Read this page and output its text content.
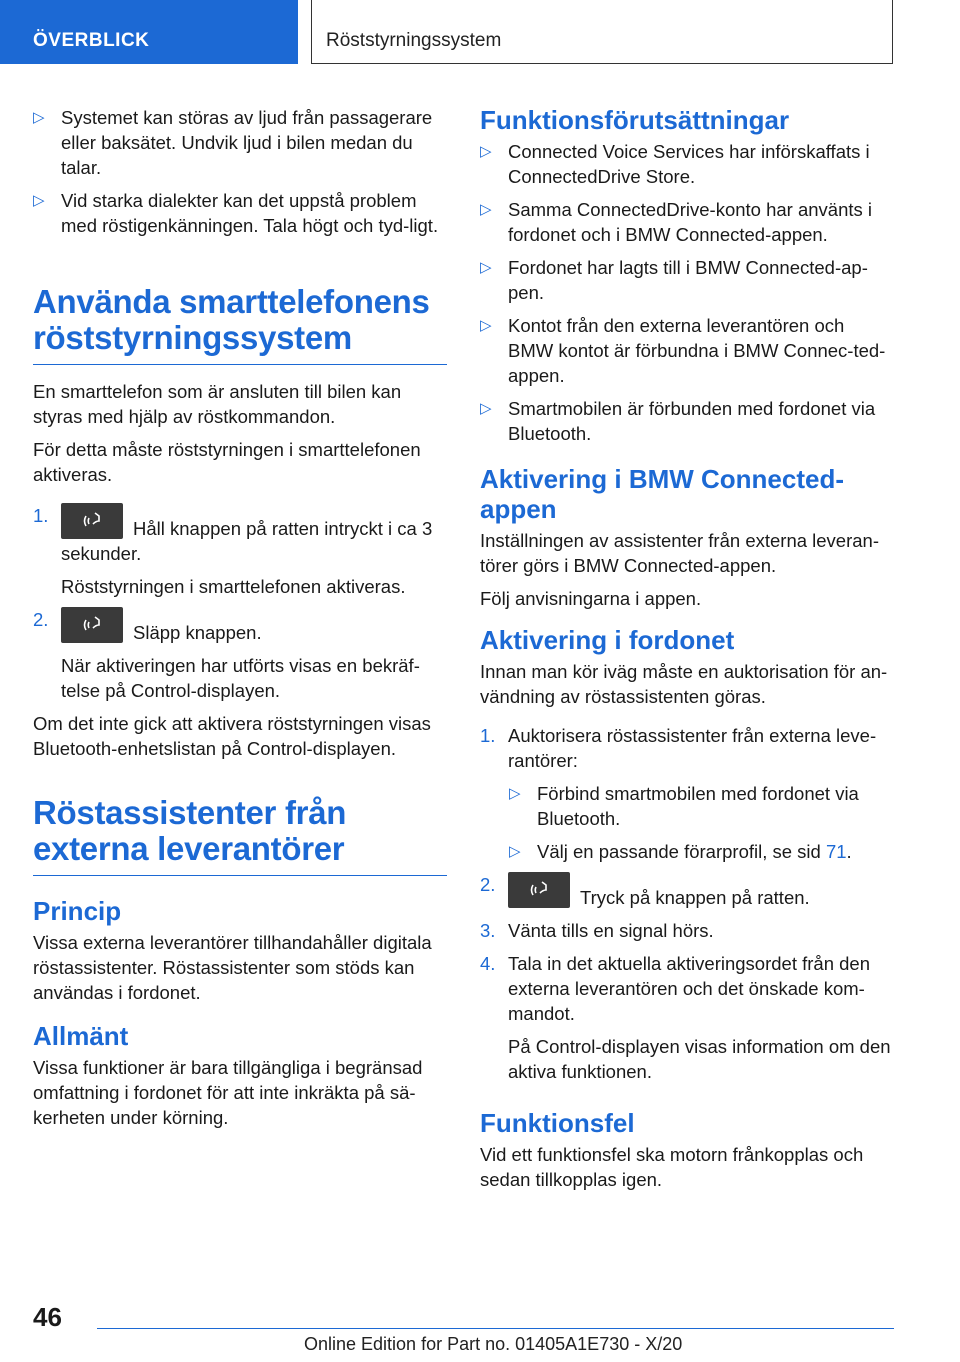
ÖVERBLICK	Röststyrningssystem
▷ Systemet kan störas av ljud från passagerare eller baksätet. Undvik ljud i bilen medan du talar.
▷ Vid starka dialekter kan det uppstå problem med röstigenkänningen. Tala högt och tyd-ligt.
Använda smarttelefonens röststyrningssystem

En smarttelefon som är ansluten till bilen kan styras med hjälp av röstkommandon.

För detta måste röststyrningen i smarttelefonen aktiveras.

1.
Håll knappen på ratten intryckt i ca 3 sekunder.
Röststyrningen i smarttelefonen aktiveras.
2.
Släpp knappen.
När aktiveringen har utförts visas en bekräf-telse på Control-displayen.

Om det inte gick att aktivera röststyrningen visas Bluetooth-enhetslistan på Control-displayen.

Röstassistenter från externa leverantörer
Princip

Vissa externa leverantörer tillhandahåller digitala röstassistenter. Röstassistenter som stöds kan användas i fordonet.

Allmänt

Vissa funktioner är bara tillgängliga i begränsad omfattning i fordonet för att inte inkräkta på sä-kerheten under körning.

Funktionsförutsättningar
▷ Connected Voice Services har införskaffats i ConnectedDrive Store.
▷ Samma ConnectedDrive-konto har använts i fordonet och i BMW Connected-appen.
▷ Fordonet har lagts till i BMW Connected-ap-pen.
▷ Kontot från den externa leverantören och BMW kontot är förbundna i BMW Connec-ted-appen.
▷ Smartmobilen är förbunden med fordonet via Bluetooth.
Aktivering i BMW Connected-appen

Inställningen av assistenter från externa leveran-törer görs i BMW Connected-appen.

Följ anvisningarna i appen.

Aktivering i fordonet

Innan man kör iväg måste en auktorisation för an-vändning av röstassistenten göras.

1. Auktorisera röstassistenter från externa leve-rantörer:
▷ Förbind smartmobilen med fordonet via Bluetooth.
▷ Välj en passande förarprofil, se sid 71.
2.
Tryck på knappen på ratten.
3. Vänta tills en signal hörs.
4. Tala in det aktuella aktiveringsordet från den externa leverantören och det önskade kom-mandot.
På Control-displayen visas information om den aktiva funktionen.
Funktionsfel

Vid ett funktionsfel ska motorn frånkopplas och sedan tillkopplas igen.

46
Online Edition for Part no. 01405A1E730 - X/20
